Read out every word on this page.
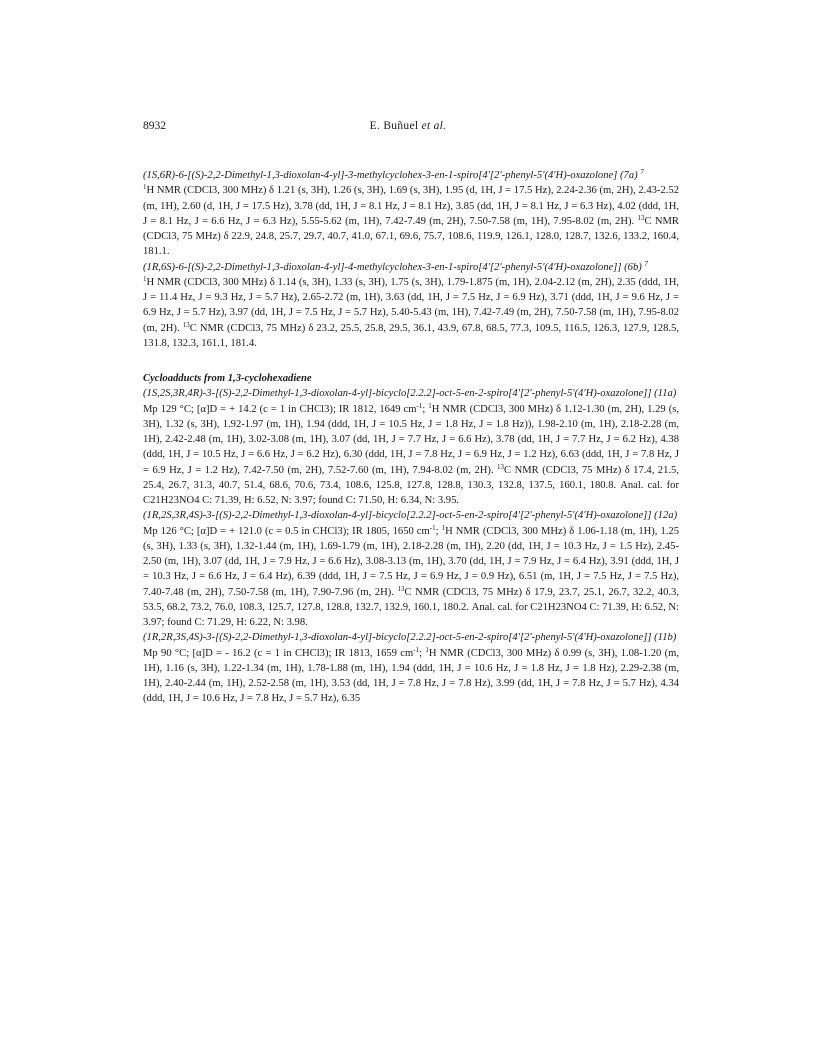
8932	E. Buñuel et al.

(1S,6R)-6-[(S)-2,2-Dimethyl-1,3-dioxolan-4-yl]-3-methylcyclohex-3-en-1-spiro[4'[2'-phenyl-5'(4'H)-oxazolone] (7a) $^7$

$^1$H NMR (CDCl3, 300 MHz) δ 1.21 (s, 3H), 1.26 (s, 3H), 1.69 (s, 3H), 1.95 (d, 1H, J = 17.5 Hz), 2.24-2.36 (m, 2H), 2.43-2.52 (m, 1H), 2.60 (d, 1H, J = 17.5 Hz), 3.78 (dd, 1H, J = 8.1 Hz, J = 8.1 Hz), 3.85 (dd, 1H, J = 8.1 Hz, J = 6.3 Hz), 4.02 (ddd, 1H, J = 8.1 Hz, J = 6.6 Hz, J = 6.3 Hz), 5.55-5.62 (m, 1H), 7.42-7.49 (m, 2H), 7.50-7.58 (m, 1H), 7.95-8.02 (m, 2H). $^{13}$C NMR (CDCl3, 75 MHz) δ 22.9, 24.8, 25.7, 29.7, 40.7, 41.0, 67.1, 69.6, 75.7, 108.6, 119.9, 126.1, 128.0, 128.7, 132.6, 133.2, 160.4, 181.1.

(1R,6S)-6-[(S)-2,2-Dimethyl-1,3-dioxolan-4-yl]-4-methylcyclohex-3-en-1-spiro[4'[2'-phenyl-5'(4'H)-oxazolone]] (6b) $^7$

$^1$H NMR (CDCl3, 300 MHz) δ 1.14 (s, 3H), 1.33 (s, 3H), 1.75 (s, 3H), 1.79-1.875 (m, 1H), 2.04-2.12 (m, 2H), 2.35 (ddd, 1H, J = 11.4 Hz, J = 9.3 Hz, J = 5.7 Hz), 2.65-2.72 (m, 1H), 3.63 (dd, 1H, J = 7.5 Hz, J = 6.9 Hz), 3.71 (ddd, 1H, J = 9.6 Hz, J = 6.9 Hz, J = 5.7 Hz), 3.97 (dd, 1H, J = 7.5 Hz, J = 5.7 Hz), 5.40-5.43 (m, 1H), 7.42-7.49 (m, 2H), 7.50-7.58 (m, 1H), 7.95-8.02 (m, 2H). $^{13}$C NMR (CDCl3, 75 MHz) δ 23.2, 25.5, 25.8, 29.5, 36.1, 43.9, 67.8, 68.5, 77.3, 109.5, 116.5, 126.3, 127.9, 128.5, 131.8, 132.3, 161.1, 181.4.

Cycloadducts from 1,3-cyclohexadiene

(1S,2S,3R,4R)-3-[(S)-2,2-Dimethyl-1,3-dioxolan-4-yl]-bicyclo[2.2.2]-oct-5-en-2-spiro[4'[2'-phenyl-5'(4'H)-oxazolone]] (11a)

Mp 129 °C; [α]D = + 14.2 (c = 1 in CHCl3); IR 1812, 1649 $cm^{-1}$; $^1$H NMR (CDCl3, 300 MHz) δ 1.12-1.30 (m, 2H), 1.29 (s, 3H), 1.32 (s, 3H), 1.92-1.97 (m, 1H), 1.94 (ddd, 1H, J = 10.5 Hz, J = 1.8 Hz, J = 1.8 Hz)), 1.98-2.10 (m, 1H), 2.18-2.28 (m, 1H), 2.42-2.48 (m, 1H), 3.02-3.08 (m, 1H), 3.07 (dd, 1H, J = 7.7 Hz, J = 6.6 Hz), 3.78 (dd, 1H, J = 7.7 Hz, J = 6.2 Hz), 4.38 (ddd, 1H, J = 10.5 Hz, J = 6.6 Hz, J = 6.2 Hz), 6.30 (ddd, 1H, J = 7.8 Hz, J = 6.9 Hz, J = 1.2 Hz), 6.63 (ddd, 1H, J = 7.8 Hz, J = 6.9 Hz, J = 1.2 Hz), 7.42-7.50 (m, 2H), 7.52-7.60 (m, 1H), 7.94-8.02 (m, 2H). $^{13}$C NMR (CDCl3, 75 MHz) δ 17.4, 21.5, 25.4, 26.7, 31.3, 40.7, 51.4, 68.6, 70.6, 73.4, 108.6, 125.8, 127.8, 128.8, 130.3, 132.8, 137.5, 160.1, 180.8. Anal. cal. for C21H23NO4 C: 71.39, H: 6.52, N: 3.97; found C: 71.50, H: 6.34, N: 3.95.

(1R,2S,3R,4S)-3-[(S)-2,2-Dimethyl-1,3-dioxolan-4-yl]-bicyclo[2.2.2]-oct-5-en-2-spiro[4'[2'-phenyl-5'(4'H)-oxazolone]] (12a)

Mp 126 °C; [α]D = + 121.0 (c = 0.5 in CHCl3); IR 1805, 1650 $cm^{-1}$; $^1$H NMR (CDCl3, 300 MHz) δ 1.06-1.18 (m, 1H), 1.25 (s, 3H), 1.33 (s, 3H), 1.32-1.44 (m, 1H), 1.69-1.79 (m, 1H), 2.18-2.28 (m, 1H), 2.20 (dd, 1H, J = 10.3 Hz, J = 1.5 Hz), 2.45-2.50 (m, 1H), 3.07 (dd, 1H, J = 7.9 Hz, J = 6.6 Hz), 3.08-3.13 (m, 1H), 3.70 (dd, 1H, J = 7.9 Hz, J = 6.4 Hz), 3.91 (ddd, 1H, J = 10.3 Hz, J = 6.6 Hz, J = 6.4 Hz), 6.39 (ddd, 1H, J = 7.5 Hz, J = 6.9 Hz, J = 0.9 Hz), 6.51 (m, 1H, J = 7.5 Hz, J = 7.5 Hz), 7.40-7.48 (m, 2H), 7.50-7.58 (m, 1H), 7.90-7.96 (m, 2H). $^{13}$C NMR (CDCl3, 75 MHz) δ 17.9, 23.7, 25.1, 26.7, 32.2, 40.3, 53.5, 68.2, 73.2, 76.0, 108.3, 125.7, 127.8, 128.8, 132.7, 132.9, 160.1, 180.2. Anal. cal. for C21H23NO4 C: 71.39, H: 6.52, N: 3.97; found C: 71.29, H: 6.22, N: 3.98.

(1R,2R,3S,4S)-3-[(S)-2,2-Dimethyl-1,3-dioxolan-4-yl]-bicyclo[2.2.2]-oct-5-en-2-spiro[4'[2'-phenyl-5'(4'H)-oxazolone]] (11b)

Mp 90 °C; [α]D = - 16.2 (c = 1 in CHCl3); IR 1813, 1659 $cm^{-1}$; $^1$H NMR (CDCl3, 300 MHz) δ 0.99 (s, 3H), 1.08-1.20 (m, 1H), 1.16 (s, 3H), 1.22-1.34 (m, 1H), 1.78-1.88 (m, 1H), 1.94 (ddd, 1H, J = 10.6 Hz, J = 1.8 Hz, J = 1.8 Hz), 2.29-2.38 (m, 1H), 2.40-2.44 (m, 1H), 2.52-2.58 (m, 1H), 3.53 (dd, 1H, J = 7.8 Hz, J = 7.8 Hz), 3.99 (dd, 1H, J = 7.8 Hz, J = 5.7 Hz), 4.34 (ddd, 1H, J = 10.6 Hz, J = 7.8 Hz, J = 5.7 Hz), 6.35
